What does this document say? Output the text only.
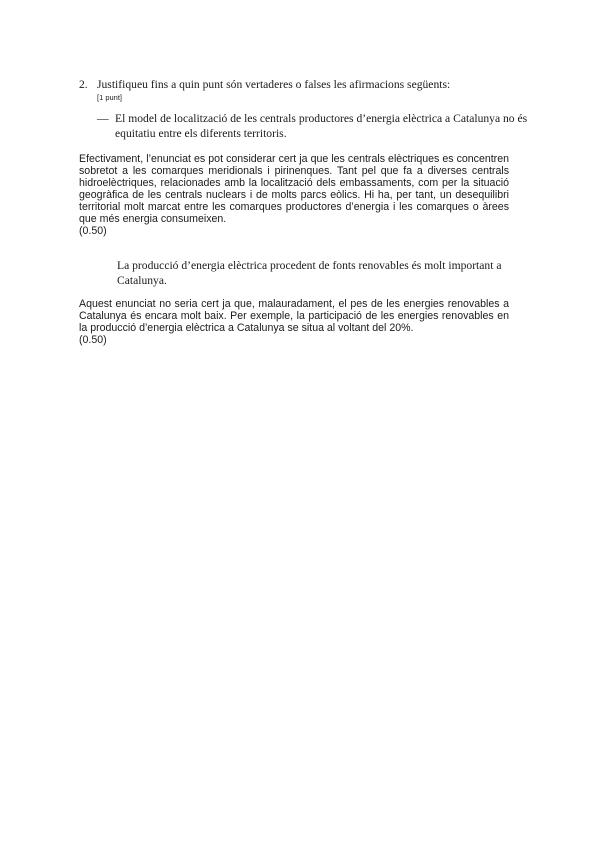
2. Justifiqueu fins a quin punt són vertaderes o falses les afirmacions següents:
[1 punt]
— El model de localització de les centrals productores d’energia elèctrica a Catalunya no és equitatiu entre els diferents territoris.
Efectivament, l’enunciat es pot considerar cert ja que les centrals elèctriques es concentren sobretot a les comarques meridionals i pirinenques. Tant pel que fa a diverses centrals hidroelèctriques, relacionades amb la localització dels embassaments, com per la situació geogràfica de les centrals nuclears i de molts parcs eòlics. Hi ha, per tant, un desequilibri territorial molt marcat entre les comarques productores d’energia i les comarques o àrees que més energia consumeixen.
(0.50)
La producció d’energia elèctrica procedent de fonts renovables és molt important a Catalunya.
Aquest enunciat no seria cert ja que, malauradament, el pes de les energies renovables a Catalunya és encara molt baix. Per exemple, la participació de les energies renovables en la producció d’energia elèctrica a Catalunya se situa al voltant del 20%.
(0.50)
